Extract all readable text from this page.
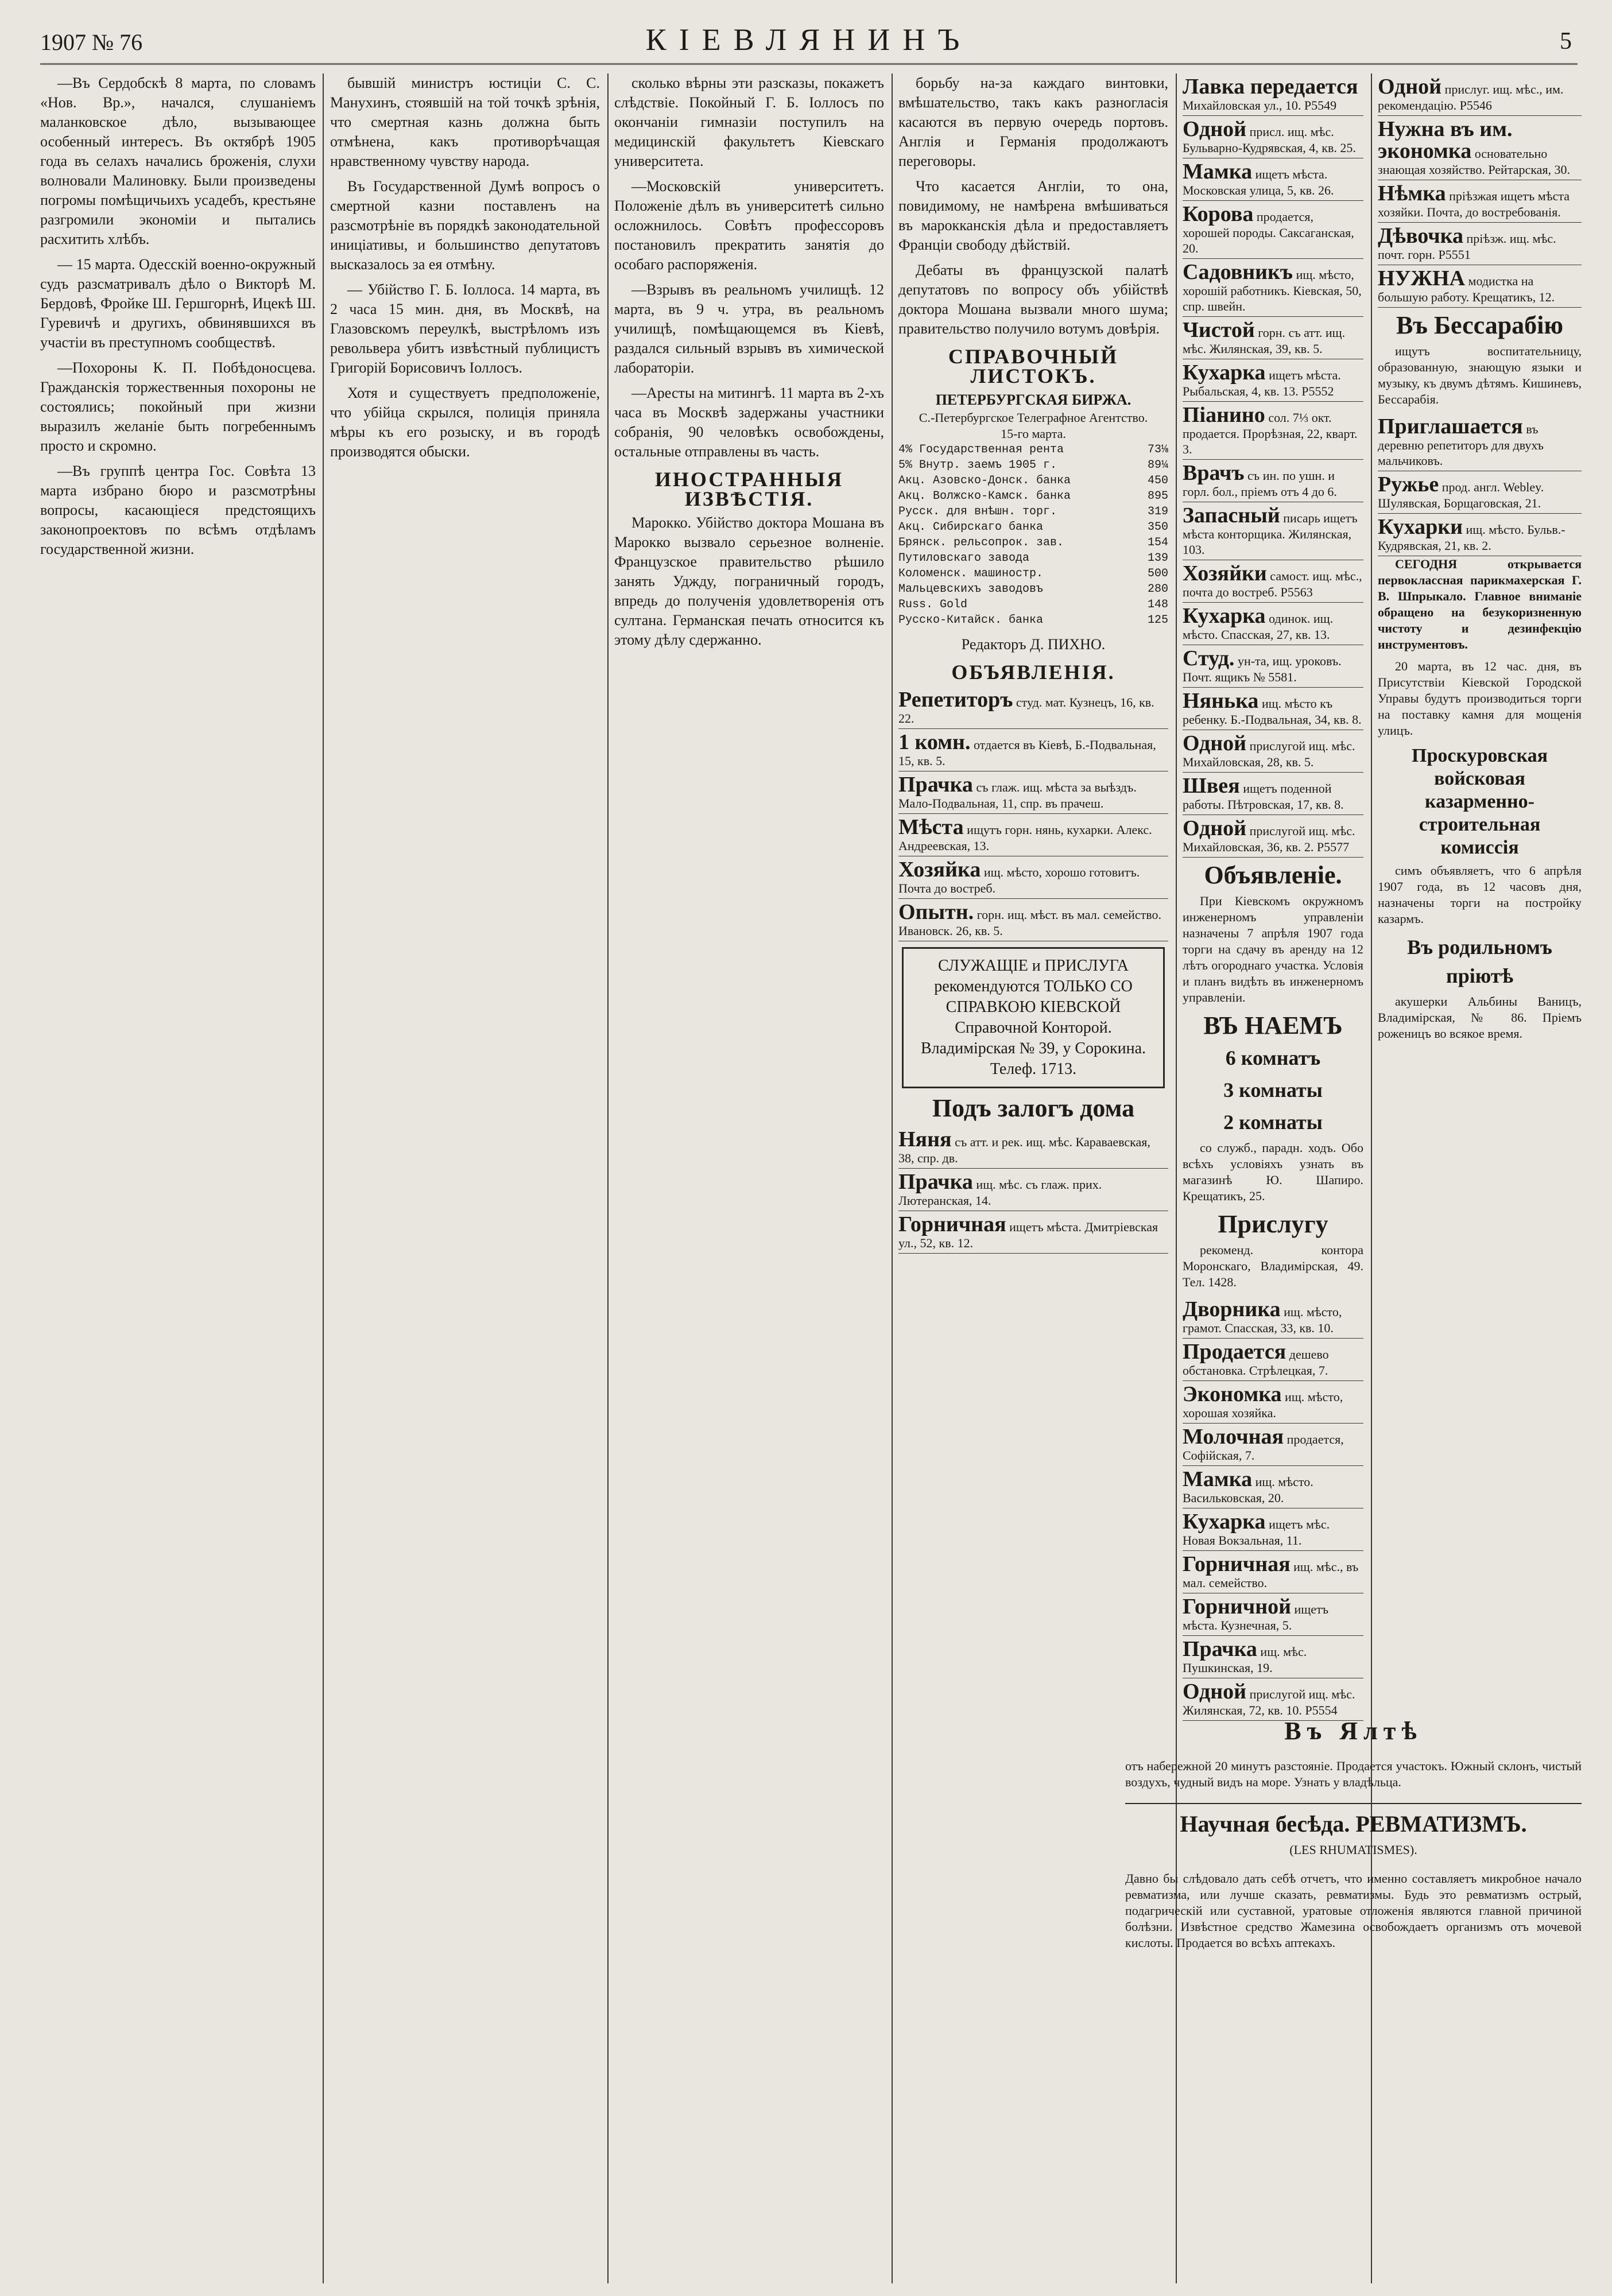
1907 № 76	КІЕВЛЯНИНЪ	5

—Въ Сердобскѣ 8 марта, по словамъ «Нов. Вр.», начался, слушаніемъ маланковское дѣло, вызывающее особенный интересъ. Въ октябрѣ 1905 года въ селахъ начались броженія, слухи волновали Малиновку. Были произведены погромы помѣщичьихъ усадебъ, крестьяне разгромили экономіи и пытались расхитить хлѣбъ.

— 15 марта. Одесскій военно-окружный судъ разсматривалъ дѣло о Викторѣ М. Бердовѣ, Фройке Ш. Гершгорнѣ, Ицекѣ Ш. Гуревичѣ и другихъ, обвинявшихся въ участіи въ преступномъ сообществѣ.

—Похороны К. П. Побѣдоносцева. Гражданскія торжественныя похороны не состоялись; покойный при жизни выразилъ желаніе быть погребеннымъ просто и скромно.

—Въ группѣ центра Гос. Совѣта 13 марта избрано бюро и разсмотрѣны вопросы, касающіеся предстоящихъ законопроектовъ по всѣмъ отдѣламъ государственной жизни.

бывшій министръ юстиціи С. С. Манухинъ, стоявшій на той точкѣ зрѣнія, что смертная казнь должна быть отмѣнена, какъ противорѣчащая нравственному чувству народа.

Въ Государственной Думѣ вопросъ о смертной казни поставленъ на разсмотрѣніе въ порядкѣ законодательной иниціативы, и большинство депутатовъ высказалось за ея отмѣну.

— Убійство Г. Б. Іоллоса. 14 марта, въ 2 часа 15 мин. дня, въ Москвѣ, на Глазовскомъ переулкѣ, выстрѣломъ изъ револьвера убитъ извѣстный публицистъ Григорій Борисовичъ Іоллосъ.

Хотя и существуетъ предположеніе, что убійца скрылся, полиція приняла мѣры къ его розыску, и въ городѣ производятся обыски.

сколько вѣрны эти разсказы, покажетъ слѣдствіе. Покойный Г. Б. Іоллосъ по окончаніи гимназіи поступилъ на медицинскій факультетъ Кіевскаго университета.

—Московскій университетъ. Положеніе дѣлъ въ университетѣ сильно осложнилось. Совѣтъ профессоровъ постановилъ прекратить занятія до особаго распоряженія.

—Взрывъ въ реальномъ училищѣ. 12 марта, въ 9 ч. утра, въ реальномъ училищѣ, помѣщающемся въ Кіевѣ, раздался сильный взрывъ въ химической лабораторіи.

—Аресты на митингѣ. 11 марта въ 2-хъ часа въ Москвѣ задержаны участники собранія, 90 человѣкъ освобождены, остальные отправлены въ часть.

ИНОСТРАННЫЯ ИЗВѢСТІЯ.

Марокко. Убійство доктора Мошана въ Марокко вызвало серьезное волненіе. Французское правительство рѣшило занять Уджду, пограничный городъ, впредь до полученія удовлетворенія отъ султана. Германская печать относится къ этому дѣлу сдержанно.

борьбу на-за каждаго винтовки, вмѣшательство, такъ какъ разногласія касаются въ первую очередь портовъ. Англія и Германія продолжаютъ переговоры.

Что касается Англіи, то она, повидимому, не намѣрена вмѣшиваться въ марокканскія дѣла и предоставляетъ Франціи свободу дѣйствій.

Дебаты въ французской палатѣ депутатовъ по вопросу объ убійствѣ доктора Мошана вызвали много шума; правительство получило вотумъ довѣрія.

СПРАВОЧНЫЙ ЛИСТОКЪ.
ПЕТЕРБУРГСКАЯ БИРЖА.
С.-Петербургское Телеграфное Агентство.
15-го марта.
4% Государственная рента	73⅛
5% Внутр. заемъ 1905 г.	89¼
Акц. Азовско-Донск. банка	450
Акц. Волжско-Камск. банка	895
Русск. для внѣшн. торг.	319
Акц. Сибирскаго банка	350
Брянск. рельсопрок. зав.	154
Путиловскаго завода	139
Коломенск. машиностр.	500
Мальцевскихъ заводовъ	280
Russ. Gold	148
Русско-Китайск. банка	125
Редакторъ Д. ПИХНО.
ОБЪЯВЛЕНІЯ.
Репетиторъ студ. мат. Кузнецъ, 16, кв. 22.
1 комн. отдается въ Кіевѣ, Б.-Подвальная, 15, кв. 5.
Прачка съ глаж. ищ. мѣста за выѣздъ. Мало-Подвальная, 11, спр. въ прачеш.
Мѣста ищутъ горн. нянь, кухарки. Алекс. Андреевская, 13.
Хозяйка ищ. мѣсто, хорошо готовитъ. Почта до востреб.
Опытн. горн. ищ. мѣст. въ мал. семейство. Ивановск. 26, кв. 5.
СЛУЖАЩІЕ и ПРИСЛУГА рекомендуются ТОЛЬКО СО СПРАВКОЮ КІЕВСКОЙ Справочной Конторой. Владимірская № 39, у Сорокина. Телеф. 1713.
Подъ залогъ дома
Няня съ атт. и рек. ищ. мѣс. Караваевская, 38, спр. дв.
Прачка ищ. мѣс. съ глаж. прих. Лютеранская, 14.
Горничная ищетъ мѣста. Дмитріевская ул., 52, кв. 12.
Лавка передается Михайловская ул., 10. Р5549
Одной присл. ищ. мѣс. Бульварно-Кудрявская, 4, кв. 25.
Мамка ищетъ мѣста. Московская улица, 5, кв. 26.
Корова продается, хорошей породы. Саксаганская, 20.
Садовникъ ищ. мѣсто, хорошій работникъ. Кіевская, 50, спр. швейн.
Чистой горн. съ атт. ищ. мѣс. Жилянская, 39, кв. 5.
Кухарка ищетъ мѣста. Рыбальская, 4, кв. 13. Р5552
Піанино сол. 7⅓ окт. продается. Прорѣзная, 22, кварт. 3.
Врачъ съ ин. по ушн. и горл. бол., пріемъ отъ 4 до 6.
Запасный писарь ищетъ мѣста конторщика. Жилянская, 103.
Хозяйки самост. ищ. мѣс., почта до востреб. Р5563
Кухарка одинок. ищ. мѣсто. Спасская, 27, кв. 13.
Студ. ун-та, ищ. уроковъ. Почт. ящикъ № 5581.
Нянька ищ. мѣсто къ ребенку. Б.-Подвальная, 34, кв. 8.
Одной прислугой ищ. мѣс. Михайловская, 28, кв. 5.
Швея ищетъ поденной работы. Пѣтровская, 17, кв. 8.
Одной прислугой ищ. мѣс. Михайловская, 36, кв. 2. Р5577
Объявленіе.

При Кіевскомъ окружномъ инженерномъ управленіи назначены 7 апрѣля 1907 года торги на сдачу въ аренду на 12 лѣтъ огороднаго участка. Условія и планъ видѣть въ инженерномъ управленіи.

ВЪ НАЕМЪ
6 комнатъ
3 комнаты
2 комнаты

со служб., парадн. ходъ. Обо всѣхъ условіяхъ узнать въ магазинѣ Ю. Шапиро. Крещатикъ, 25.

Прислугу

рекоменд. контора Моронскаго, Владимірская, 49. Тел. 1428.

Дворника ищ. мѣсто, грамот. Спасская, 33, кв. 10.
Продается дешево обстановка. Стрѣлецкая, 7.
Экономка ищ. мѣсто, хорошая хозяйка.
Молочная продается, Софійская, 7.
Мамка ищ. мѣсто. Васильковская, 20.
Кухарка ищетъ мѣс. Новая Вокзальная, 11.
Горничная ищ. мѣс., въ мал. семейство.
Горничной ищетъ мѣста. Кузнечная, 5.
Прачка ищ. мѣс. Пушкинская, 19.
Одной прислугой ищ. мѣс. Жилянская, 72, кв. 10. Р5554
Одной прислуг. ищ. мѣс., им. рекомендацію. Р5546
Нужна въ им. экономка основательно знающая хозяйство. Рейтарская, 30.
Нѣмка пріѣзжая ищетъ мѣста хозяйки. Почта, до востребованія.
Дѣвочка пріѣзж. ищ. мѣс. почт. горн. Р5551
НУЖНА модистка на большую работу. Крещатикъ, 12.
Въ Бессарабію

ищутъ воспитательницу, образованную, знающую языки и музыку, къ двумъ дѣтямъ. Кишиневъ, Бессарабія.

Приглашается въ деревню репетиторъ для двухъ мальчиковъ.
Ружье прод. англ. Webley. Шулявская, Борщаговская, 21.
Кухарки ищ. мѣсто. Бульв.-Кудрявская, 21, кв. 2.

СЕГОДНЯ открывается первоклассная парикмахерская Г. В. Шпрыкало. Главное вниманіе обращено на безукоризненную чистоту и дезинфекцію инструментовъ.

20 марта, въ 12 час. дня, въ Присутствіи Кіевской Городской Управы будутъ производиться торги на поставку камня для мощенія улицъ.

Проскуровская войсковая казарменно-строительная комиссія

симъ объявляетъ, что 6 апрѣля 1907 года, въ 12 часовъ дня, назначены торги на постройку казармъ.

Въ родильномъ пріютѣ

акушерки Альбины Ваницъ, Владимірская, № 86. Пріемъ роженицъ во всякое время.

Въ Ялтѣ

отъ набережной 20 минутъ разстояніе. Продается участокъ. Южный склонъ, чистый воздухъ, чудный видъ на море. Узнать у владѣльца.

Научная бесѣда. РЕВМАТИЗМЪ.
(LES RHUMATISMES).

Давно бы слѣдовало дать себѣ отчетъ, что именно составляетъ микробное начало ревматизма, или лучше сказать, ревматизмы. Будь это ревматизмъ острый, подагрическій или суставной, уратовые отложенія являются главной причиной болѣзни. Извѣстное средство Жамезина освобождаетъ организмъ отъ мочевой кислоты. Продается во всѣхъ аптекахъ.
